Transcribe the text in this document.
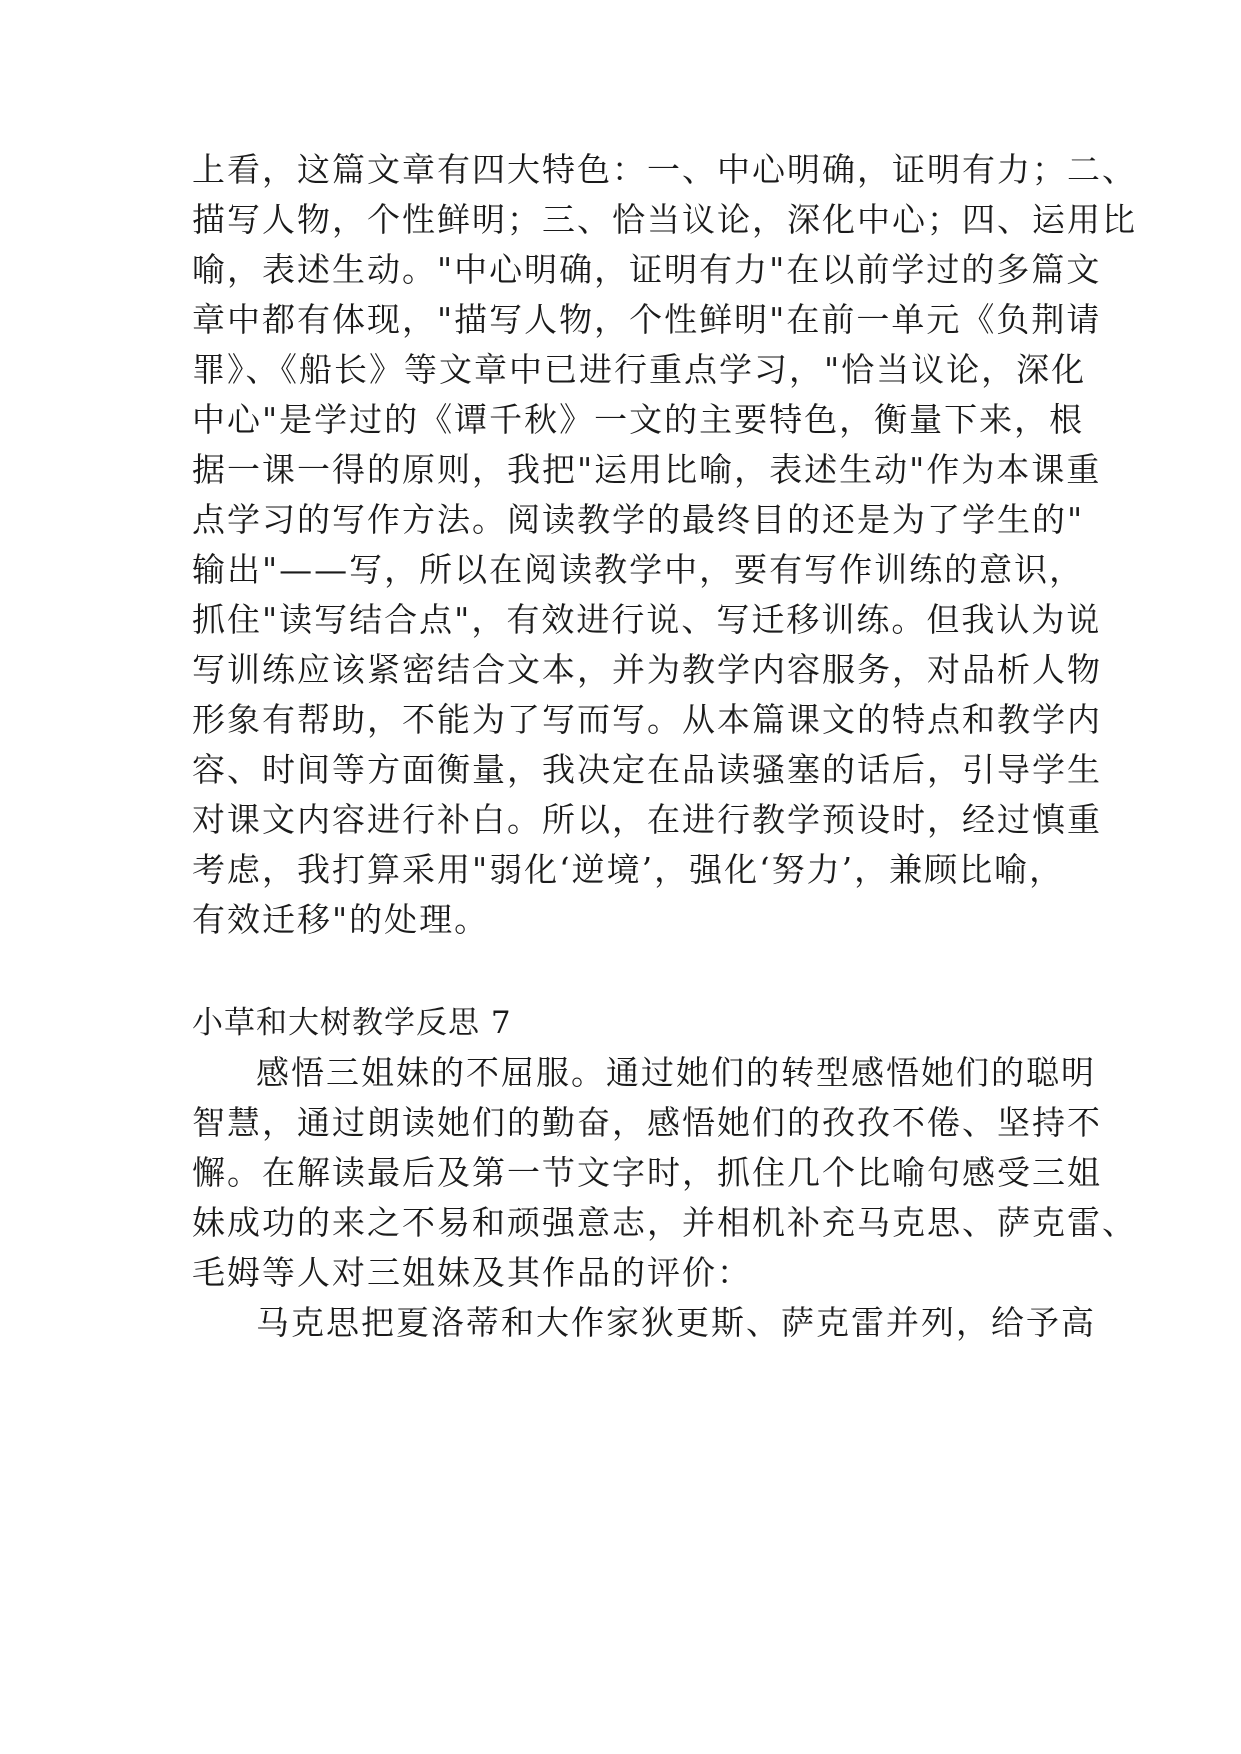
上看，这篇文章有四大特色：一、中心明确，证明有力；二、
描写人物，个性鲜明；三、恰当议论，深化中心；四、运用比
喻，表述生动。"中心明确，证明有力"在以前学过的多篇文
章中都有体现，"描写人物，个性鲜明"在前一单元《负荆请
罪》、《船长》等文章中已进行重点学习，"恰当议论，深化
中心"是学过的《谭千秋》一文的主要特色，衡量下来，根
据一课一得的原则，我把"运用比喻，表述生动"作为本课重
点学习的写作方法。阅读教学的最终目的还是为了学生的"
输出"——写，所以在阅读教学中，要有写作训练的意识，
抓住"读写结合点"，有效进行说、写迁移训练。但我认为说
写训练应该紧密结合文本，并为教学内容服务，对品析人物
形象有帮助，不能为了写而写。从本篇课文的特点和教学内
容、时间等方面衡量，我决定在品读骚塞的话后，引导学生
对课文内容进行补白。所以，在进行教学预设时，经过慎重
考虑，我打算采用"弱化‘逆境’，强化‘努力’，兼顾比喻，
有效迁移"的处理。
小草和大树教学反思 7
感悟三姐妹的不屈服。通过她们的转型感悟她们的聪明
智慧，通过朗读她们的勤奋，感悟她们的孜孜不倦、坚持不
懈。在解读最后及第一节文字时，抓住几个比喻句感受三姐
妹成功的来之不易和顽强意志，并相机补充马克思、萨克雷、
毛姆等人对三姐妹及其作品的评价：
马克思把夏洛蒂和大作家狄更斯、萨克雷并列，给予高
